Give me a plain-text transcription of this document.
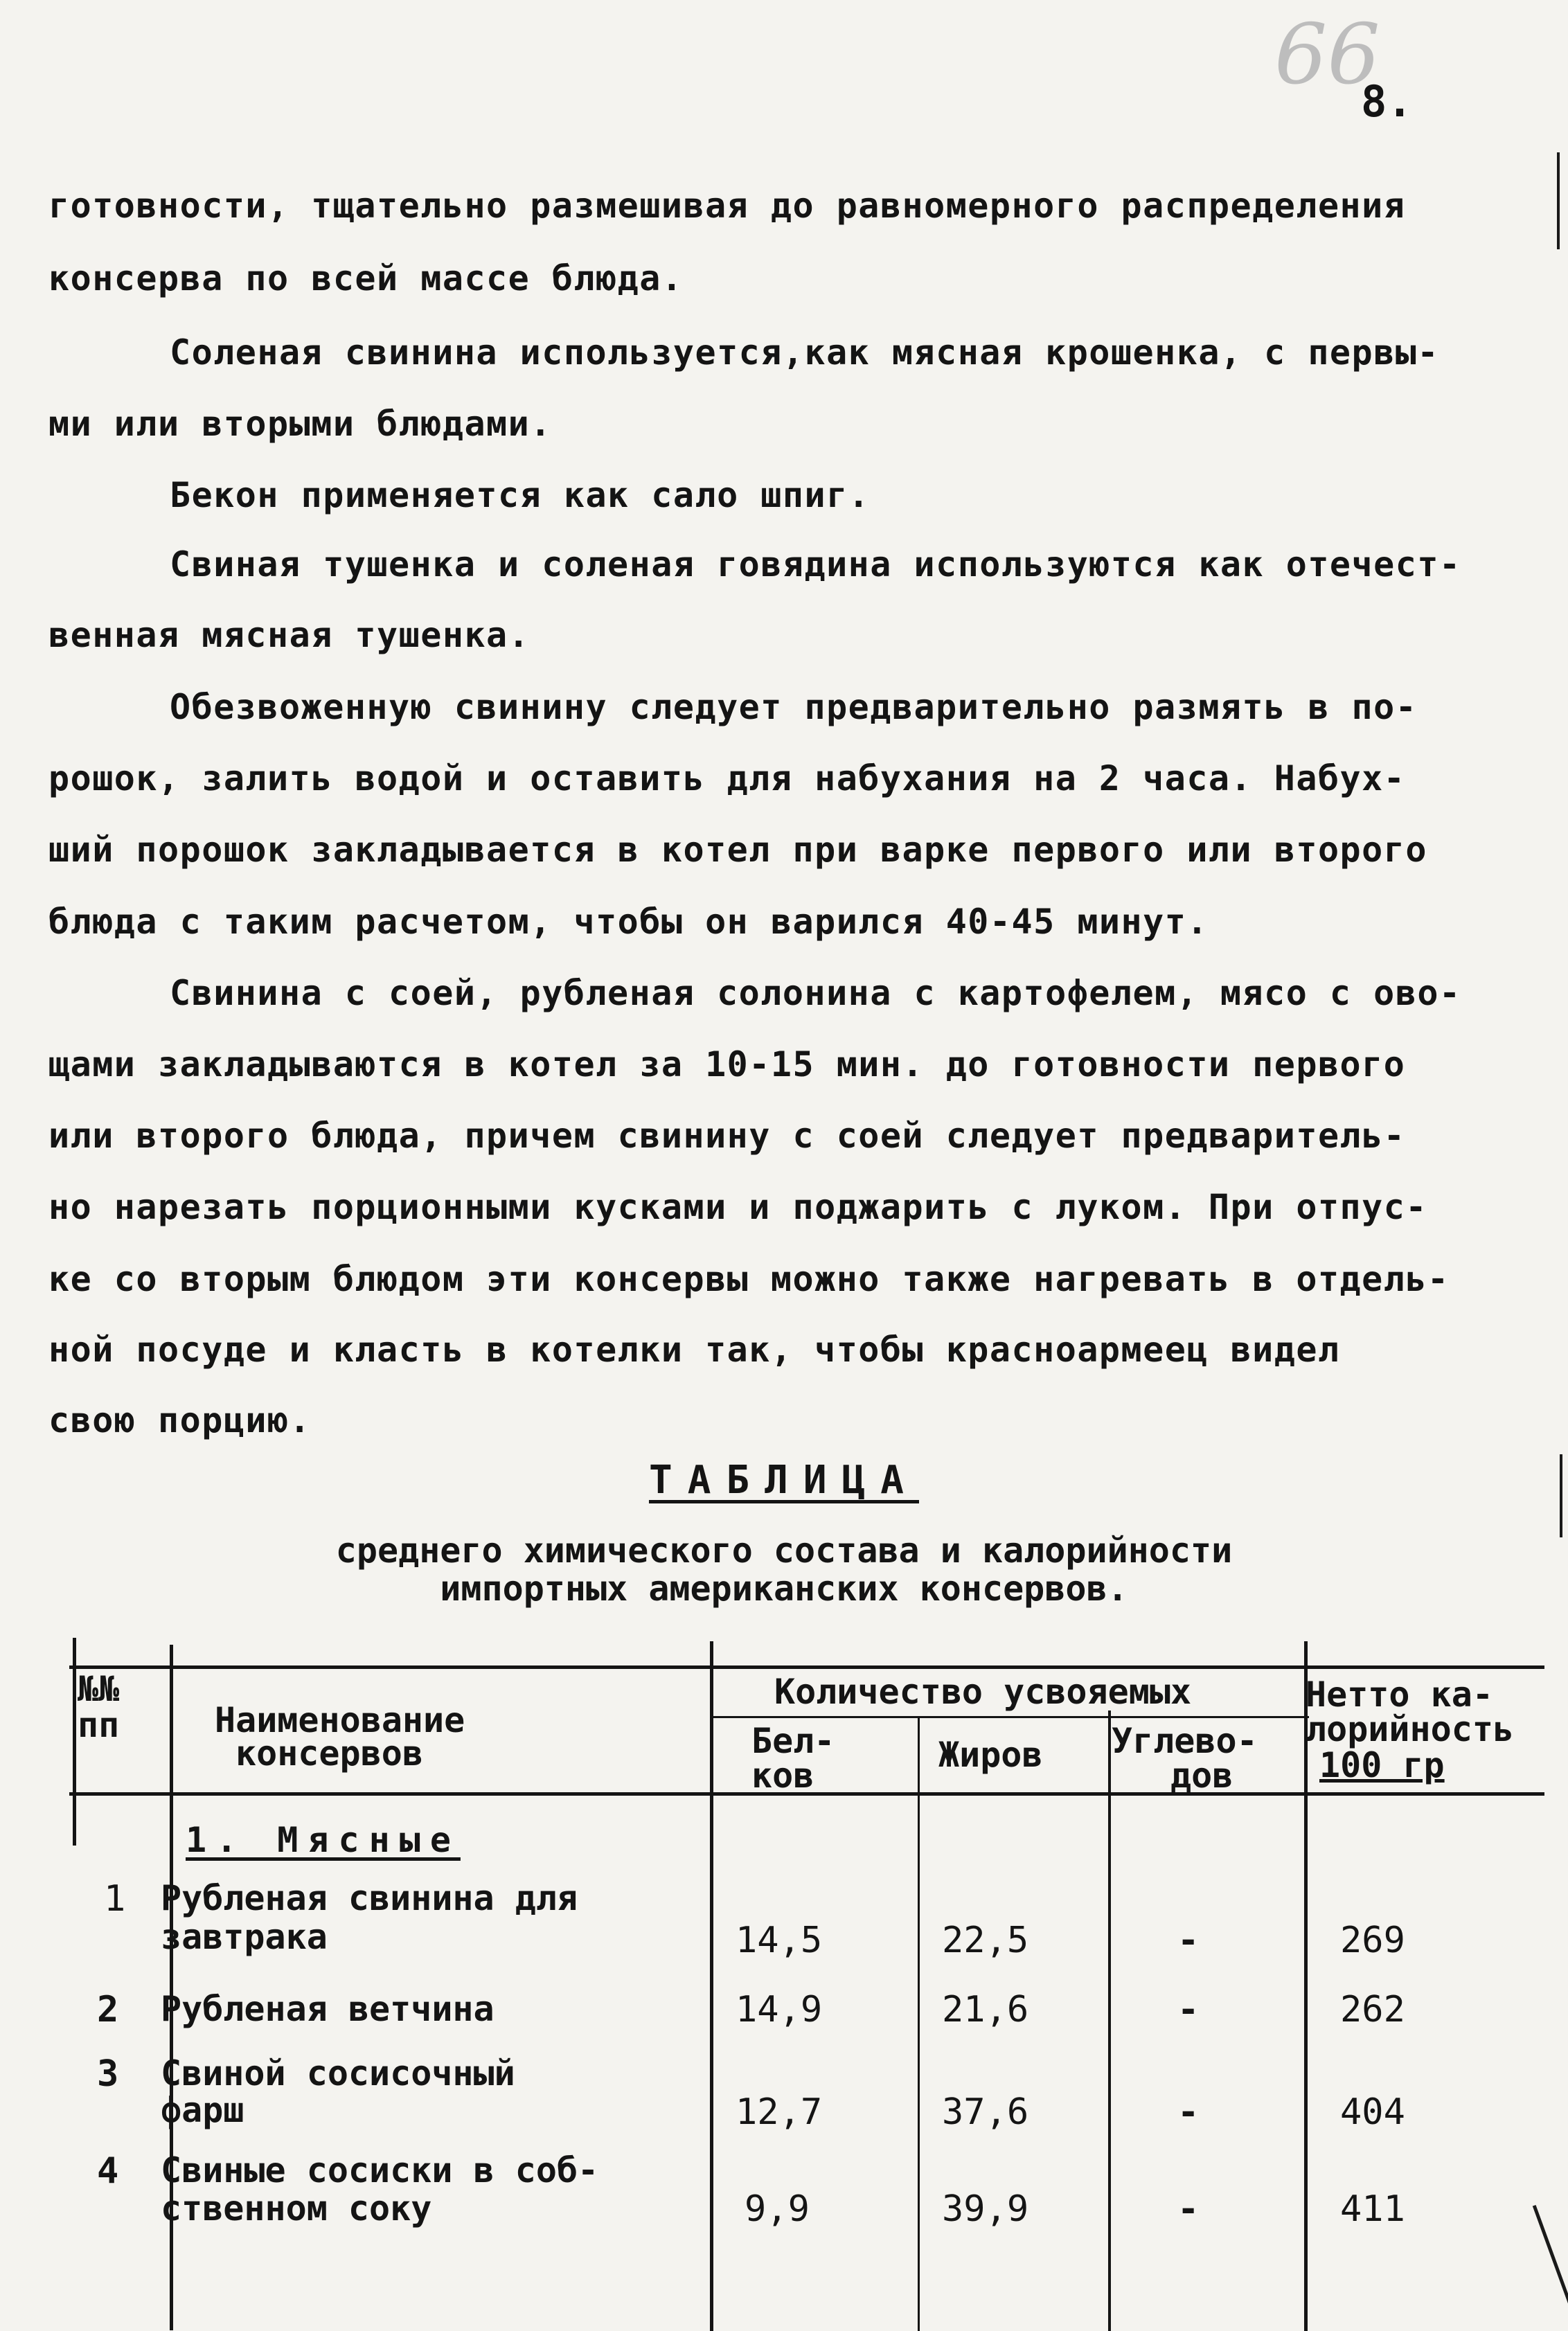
66
8.
готовности, тщательно размешивая до равномерного распределения
консерва по всей массе блюда.
Соленая свинина используется,как мясная крошенка, с первы-
ми или вторыми блюдами.
Бекон применяется как сало шпиг.
Свиная тушенка и соленая говядина используются как отечест-
венная мясная тушенка.
Обезвоженную свинину следует предварительно размять в по-
рошок, залить водой и оставить для набухания на 2 часа. Набух-
ший порошок закладывается в котел при варке первого или второго
блюда с таким расчетом, чтобы он варился 40-45 минут.
Свинина с соей, рубленая солонина с картофелем, мясо с ово-
щами закладываются в котел за 10-15 мин. до готовности первого
или второго блюда, причем свинину с соей следует предваритель-
но нарезать порционными кусками и поджарить с луком. При отпус-
ке со вторым блюдом эти консервы можно также нагревать в отдель-
ной посуде и класть в котелки так, чтобы красноармеец видел
свою порцию.
ТАБЛИЦА
среднего химического состава и калорийности
импортных американских консервов.
№№
пп	Наименование
консервов
Количество усвояемых
Бел-
ков
Жиров Углево-
дов
Нетто ка-
лорийность
100 гр
1. Мясные
1 Рубленая свинина для
завтрака	14,5	22,5	-	269
2 Рубленая ветчина	14,9	21,6	-	262
3 Свиной сосисочный
фарш	12,7	37,6	-	404
4 Свиные сосиски в соб-
ственном соку	9,9	39,9	-	411
